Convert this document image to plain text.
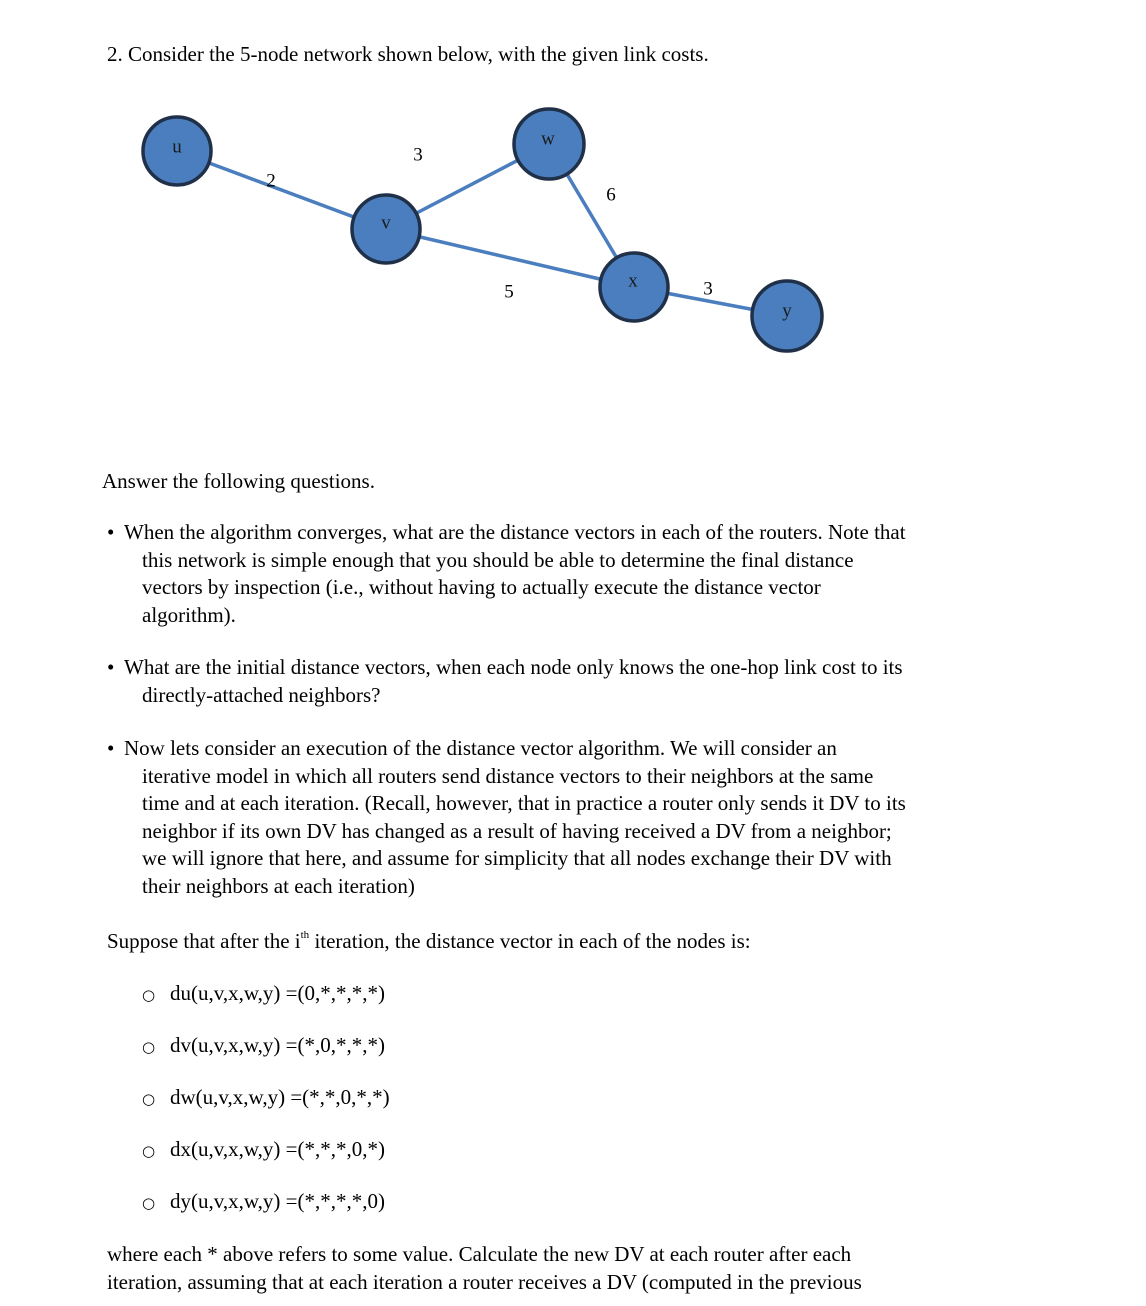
2. Consider the 5-node network shown below, with the given link costs.
u
v
w
x
y
2
3
5
6
3
Answer the following questions.
• When the algorithm converges, what are the distance vectors in each of the routers. Note that
this network is simple enough that you should be able to determine the final distance
vectors by inspection (i.e., without having to actually execute the distance vector
algorithm).
• What are the initial distance vectors, when each node only knows the one-hop link cost to its
directly-attached neighbors?
• Now lets consider an execution of the distance vector algorithm. We will consider an
iterative model in which all routers send distance vectors to their neighbors at the same
time and at each iteration. (Recall, however, that in practice a router only sends it DV to its
neighbor if its own DV has changed as a result of having received a DV from a neighbor;
we will ignore that here, and assume for simplicity that all nodes exchange their DV with
their neighbors at each iteration)
Suppose that after the $i^{th}$ iteration, the distance vector in each of the nodes is:
○ du(u,v,x,w,y) =(0,*,*,*,*)
○ dv(u,v,x,w,y) =(*,0,*,*,*)
○ dw(u,v,x,w,y) =(*,*,0,*,*)
○ dx(u,v,x,w,y) =(*,*,*,0,*)
○ dy(u,v,x,w,y) =(*,*,*,*,0)
where each * above refers to some value. Calculate the new DV at each router after each
iteration, assuming that at each iteration a router receives a DV (computed in the previous
